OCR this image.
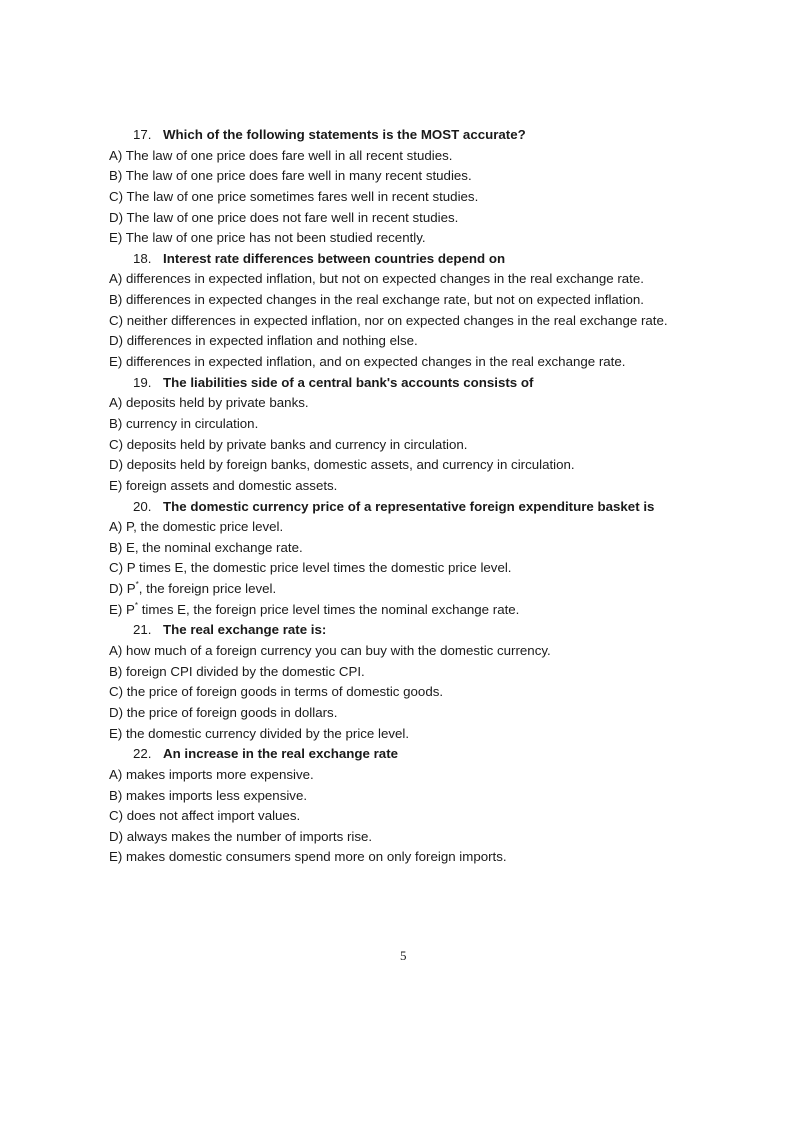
17. Which of the following statements is the MOST accurate?
A) The law of one price does fare well in all recent studies.
B) The law of one price does fare well in many recent studies.
C) The law of one price sometimes fares well in recent studies.
D) The law of one price does not fare well in recent studies.
E) The law of one price has not been studied recently.
18. Interest rate differences between countries depend on
A) differences in expected inflation, but not on expected changes in the real exchange rate.
B) differences in expected changes in the real exchange rate, but not on expected inflation.
C) neither differences in expected inflation, nor on expected changes in the real exchange rate.
D) differences in expected inflation and nothing else.
E) differences in expected inflation, and on expected changes in the real exchange rate.
19. The liabilities side of a central bank's accounts consists of
A) deposits held by private banks.
B) currency in circulation.
C) deposits held by private banks and currency in circulation.
D) deposits held by foreign banks, domestic assets, and currency in circulation.
E) foreign assets and domestic assets.
20. The domestic currency price of a representative foreign expenditure basket is
A) P, the domestic price level.
B) E, the nominal exchange rate.
C) P times E, the domestic price level times the domestic price level.
D) P*, the foreign price level.
E) P* times E, the foreign price level times the nominal exchange rate.
21. The real exchange rate is:
A) how much of a foreign currency you can buy with the domestic currency.
B) foreign CPI divided by the domestic CPI.
C) the price of foreign goods in terms of domestic goods.
D) the price of foreign goods in dollars.
E) the domestic currency divided by the price level.
22. An increase in the real exchange rate
A) makes imports more expensive.
B) makes imports less expensive.
C) does not affect import values.
D) always makes the number of imports rise.
E) makes domestic consumers spend more on only foreign imports.
5
